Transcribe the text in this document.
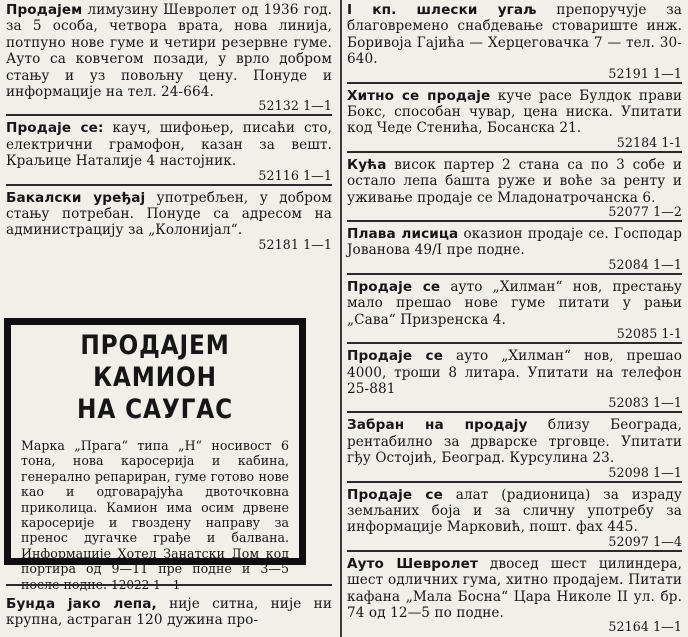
Продајем лимузину Шевролет од 1936 год. за 5 особа, четвора врата, нова линија, потпуно нове гуме и четири резервне гуме. Ауто са ковчегом позади, у врло добром стању и уз повољну цену. Понуде и информације на тел. 24-664.
52132 1—1
Продаје се: кауч, шифоњер, писаћи сто, електрични грамофон, казан за вешт. Краљице Наталије 4 настојник.
52116 1—1
Бакалски уређај употребљен, у добром стању потребан. Понуде са адресом на администрацију за „Колонијал“.
52181 1—1
ПРОДАЈЕМ КАМИОН
НА САУГАС
Марка „Прага“ типа „Н“ носивост 6 тона, нова каросерија и кабина, генерално репариран, гуме готово нове као и одговарајућа двоточковна приколица. Камион има осим дрвене каросерије и гвоздену направу за пренос дугачке грађе и балвана. Информације Хотел Занатски Дом код портира од 9—11 пре подне и 3—5 после подне. 12022 1—1
Бунда јако лепа, није ситна, није ни крупна, астраган 120 дужина про-
I кп. шлески угаљ препоручује за благовремено снабдевање стовариште инж. Боривоја Гајића — Херцеговачка 7 — тел. 30-640.
52191 1—1
Хитно се продаје куче расе Булдок прави Бокс, способан чувар, цена ниска. Упитати код Чеде Стенића, Босанска 21.
52184 1-1
Кућа висок партер 2 стана са по 3 собе и остало лепа башта руже и воће за ренту и уживање продаје се Младонатрочанска 6.
52077 1—2
Плава лисица оказион продаје се. Господар Јованова 49/I пре подне.
52084 1—1
Продаје се ауто „Хилман“ нов, престању мало прешао нове гуме питати у рањи „Сава“ Призренска 4.
52085 1-1
Продаје се ауто „Хилман“ нов, прешао 4000, троши 8 литара. Упитати на телефон 25-881
52083 1—1
Забран на продају близу Београда, рентабилно за дрварске трговце. Упитати гђу Остојић, Београд. Курсулина 23.
52098 1—1
Продаје се алат (радионица) за израду земљаних боја и за сличну употребу за информације Марковић, пошт. фах 445.
52097 1—4
Ауто Шевролет двосед шест цилиндера, шест одличних гума, хитно продајем. Питати кафана „Мала Босна“ Цара Николе II ул. бр. 74 од 12—5 по подне.
52164 1—1
